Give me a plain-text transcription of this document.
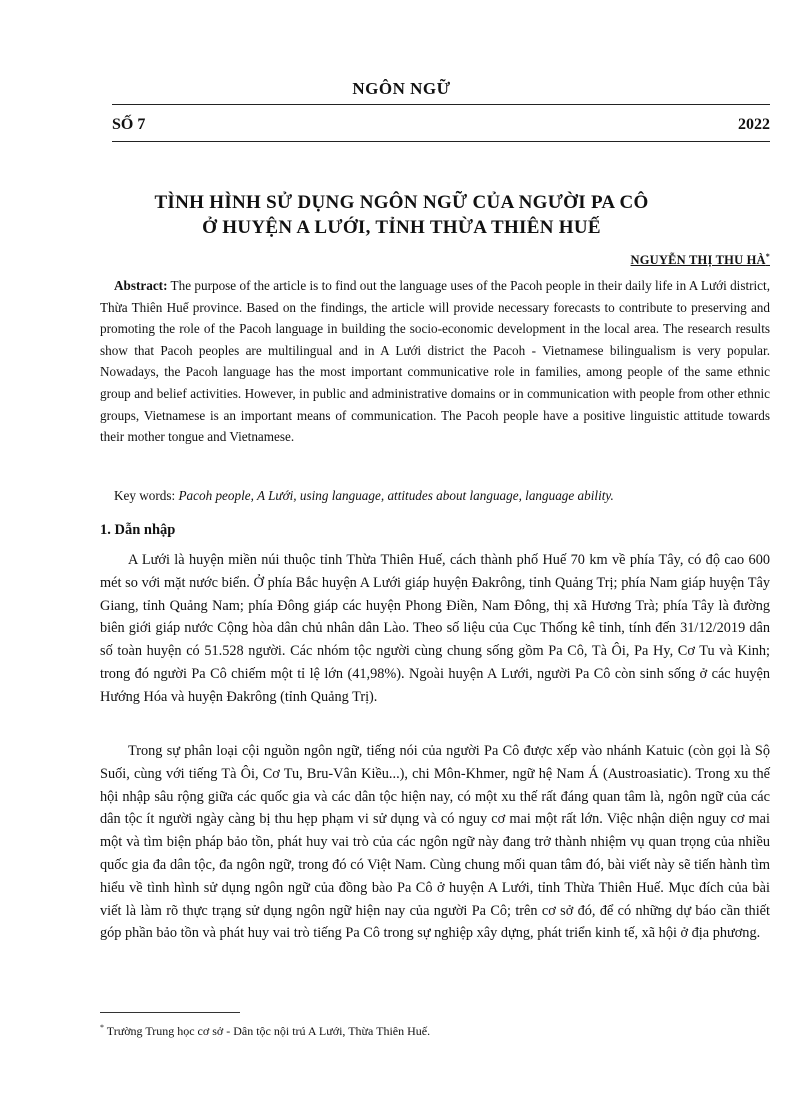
NGÔN NGỮ
SỐ 7	2022
TÌNH HÌNH SỬ DỤNG NGÔN NGỮ CỦA NGƯỜI PA CÔ
Ở HUYỆN A LƯỚI, TỈNH THỪA THIÊN HUẾ
NGUYỄN THỊ THU HÀ*

Abstract: The purpose of the article is to find out the language uses of the Pacoh people in their daily life in A Lưới district, Thừa Thiên Huế province. Based on the findings, the article will provide necessary forecasts to contribute to preserving and promoting the role of the Pacoh language in building the socio-economic development in the local area. The research results show that Pacoh peoples are multilingual and in A Lưới district the Pacoh - Vietnamese bilingualism is very popular. Nowadays, the Pacoh language has the most important communicative role in families, among people of the same ethnic group and belief activities. However, in public and administrative domains or in communication with people from other ethnic groups, Vietnamese is an important means of communication. The Pacoh people have a positive linguistic attitude towards their mother tongue and Vietnamese.

Key words: Pacoh people, A Lưới, using language, attitudes about language, language ability.

1. Dẫn nhập

A Lưới là huyện miền núi thuộc tỉnh Thừa Thiên Huế, cách thành phố Huế 70 km về phía Tây, có độ cao 600 mét so với mặt nước biển. Ở phía Bắc huyện A Lưới giáp huyện Đakrông, tỉnh Quảng Trị; phía Nam giáp huyện Tây Giang, tỉnh Quảng Nam; phía Đông giáp các huyện Phong Điền, Nam Đông, thị xã Hương Trà; phía Tây là đường biên giới giáp nước Cộng hòa dân chủ nhân dân Lào. Theo số liệu của Cục Thống kê tỉnh, tính đến 31/12/2019 dân số toàn huyện có 51.528 người. Các nhóm tộc người cùng chung sống gồm Pa Cô, Tà Ôi, Pa Hy, Cơ Tu và Kinh; trong đó người Pa Cô chiếm một tỉ lệ lớn (41,98%). Ngoài huyện A Lưới, người Pa Cô còn sinh sống ở các huyện Hướng Hóa và huyện Đakrông (tỉnh Quảng Trị).

Trong sự phân loại cội nguồn ngôn ngữ, tiếng nói của người Pa Cô được xếp vào nhánh Katuic (còn gọi là Sộ Suối, cùng với tiếng Tà Ôi, Cơ Tu, Bru-Vân Kiều...), chi Môn-Khmer, ngữ hệ Nam Á (Austroasiatic). Trong xu thế hội nhập sâu rộng giữa các quốc gia và các dân tộc hiện nay, có một xu thế rất đáng quan tâm là, ngôn ngữ của các dân tộc ít người ngày càng bị thu hẹp phạm vi sử dụng và có nguy cơ mai một rất lớn. Việc nhận diện nguy cơ mai một và tìm biện pháp bảo tồn, phát huy vai trò của các ngôn ngữ này đang trở thành nhiệm vụ quan trọng của nhiều quốc gia đa dân tộc, đa ngôn ngữ, trong đó có Việt Nam. Cùng chung mối quan tâm đó, bài viết này sẽ tiến hành tìm hiểu về tình hình sử dụng ngôn ngữ của đồng bào Pa Cô ở huyện A Lưới, tỉnh Thừa Thiên Huế. Mục đích của bài viết là làm rõ thực trạng sử dụng ngôn ngữ hiện nay của người Pa Cô; trên cơ sở đó, để có những dự báo cần thiết góp phần bảo tồn và phát huy vai trò tiếng Pa Cô trong sự nghiệp xây dựng, phát triển kinh tế, xã hội ở địa phương.

* Trường Trung học cơ sở - Dân tộc nội trú A Lưới, Thừa Thiên Huế.
